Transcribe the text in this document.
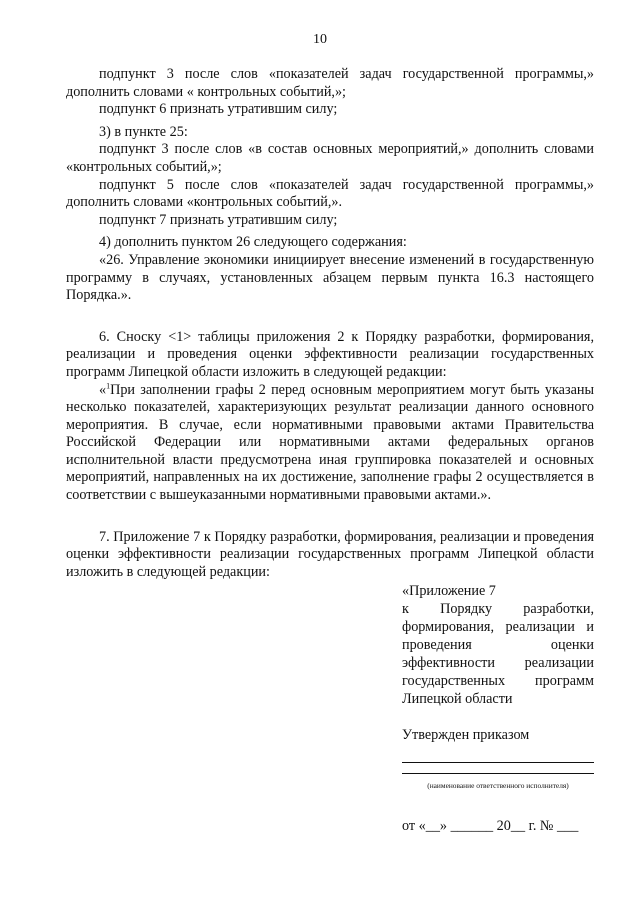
10

подпункт 3 после слов «показателей задач государственной программы,» дополнить словами « контрольных событий,»;

подпункт 6 признать утратившим силу;

3) в пункте 25:

подпункт 3 после слов «в состав основных мероприятий,» дополнить словами «контрольных событий,»;

подпункт 5 после слов «показателей задач государственной программы,» дополнить словами «контрольных событий,».

подпункт 7 признать утратившим силу;

4) дополнить пунктом 26 следующего содержания:

«26. Управление экономики инициирует внесение изменений в государственную программу в случаях, установленных абзацем первым пункта 16.3 настоящего Порядка.».

6. Сноску <1> таблицы приложения 2 к Порядку разработки, формирования, реализации и проведения оценки эффективности реализации государственных программ Липецкой области изложить в следующей редакции:

«$^1$При заполнении графы 2 перед основным мероприятием могут быть указаны несколько показателей, характеризующих результат реализации данного основного мероприятия. В случае, если нормативными правовыми актами Правительства Российской Федерации или нормативными актами федеральных органов исполнительной власти предусмотрена иная группировка показателей и основных мероприятий, направленных на их достижение, заполнение графы 2 осуществляется в соответствии с вышеуказанными нормативными правовыми актами.».

7. Приложение 7 к Порядку разработки, формирования, реализации и проведения оценки эффективности реализации государственных программ Липецкой области изложить в следующей редакции:

«Приложение 7
к Порядку разработки,
формирования, реализации и
проведения оценки
эффективности реализации
государственных программ
Липецкой области
Утвержден приказом
(наименование ответственного исполнителя)
от «__» ______ 20__ г. № ___
